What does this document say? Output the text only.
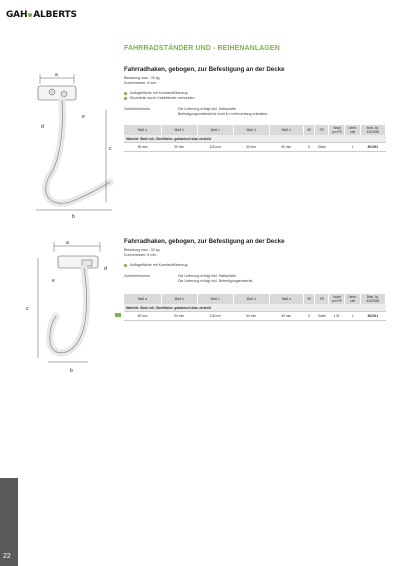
GAH ALBERTS
FAHRRADSTÄNDER UND - REIHENANLAGEN
a
d
e
c
b
Fahrradhaken, gebogen, zur Befestigung an der Decke
Belastung max.: 30 kg
Durchmesser: 8 mm
Auflagefläche mit Kunststoffüberzug
Einzelteile durch Kabelbinder verbunden
Zubehörhinweis:	Die Lieferung erfolgt inkl. Halteplatte.
Befestigungsmaterial ist nicht im Lieferumfang enthalten.
Maß a	Maß b	Maß c	Maß d	Maß e	VE	PE	Inhalt pro PE	Liefer- zeit	Best.-Nr. 4004338
Material: Stahl roh, Oberfläche: galvanisch blau verzinkt									
50 mm	90 mm	115 mm	60 mm	50 mm	5	Stück		L	801991
a
d
e
c
b
Fahrradhaken, gebogen, zur Befestigung an der Decke
Belastung max.: 30 kg
Durchmesser: 8 mm
Auflagefläche mit Kunststoffüberzug
Zubehörhinweis:	Die Lieferung erfolgt inkl. Halteplatte.
Die Lieferung erfolgt inkl. Befestigungsmaterial
Maß a	Maß b	Maß c	Maß d	Maß e	VE	PE	Inhalt pro PE	Liefer- zeit	Best.-Nr. 4004338
Material: Stahl roh, Oberfläche: galvanisch blau verzinkt									

50 mm	90 mm	115 mm	60 mm	50 mm	5	Karte	1 St.	L	802011
22
